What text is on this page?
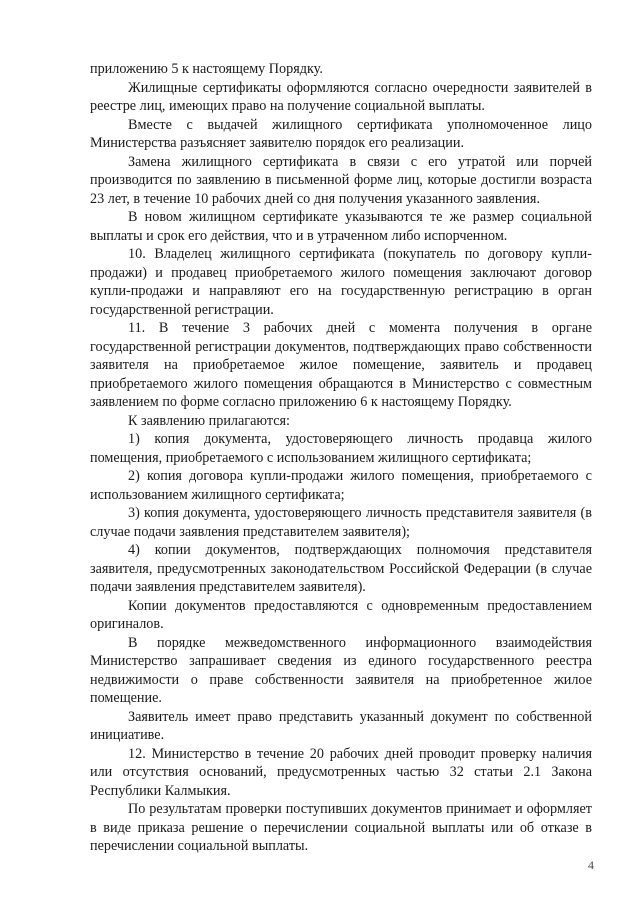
приложению 5 к настоящему Порядку.

Жилищные сертификаты оформляются согласно очередности заявителей в реестре лиц, имеющих право на получение социальной выплаты.

Вместе с выдачей жилищного сертификата уполномоченное лицо Министерства разъясняет заявителю порядок его реализации.

Замена жилищного сертификата в связи с его утратой или порчей производится по заявлению в письменной форме лиц, которые достигли возраста 23 лет, в течение 10 рабочих дней со дня получения указанного заявления.

В новом жилищном сертификате указываются те же размер социальной выплаты и срок его действия, что и в утраченном либо испорченном.

10. Владелец жилищного сертификата (покупатель по договору купли-продажи) и продавец приобретаемого жилого помещения заключают договор купли-продажи и направляют его на государственную регистрацию в орган государственной регистрации.

11. В течение 3 рабочих дней с момента получения в органе государственной регистрации документов, подтверждающих право собственности заявителя на приобретаемое жилое помещение, заявитель и продавец приобретаемого жилого помещения обращаются в Министерство с совместным заявлением по форме согласно приложению 6 к настоящему Порядку.

К заявлению прилагаются:

1) копия документа, удостоверяющего личность продавца жилого помещения, приобретаемого с использованием жилищного сертификата;

2) копия договора купли-продажи жилого помещения, приобретаемого с использованием жилищного сертификата;

3) копия документа, удостоверяющего личность представителя заявителя (в случае подачи заявления представителем заявителя);

4) копии документов, подтверждающих полномочия представителя заявителя, предусмотренных законодательством Российской Федерации (в случае подачи заявления представителем заявителя).

Копии документов предоставляются с одновременным предоставлением оригиналов.

В порядке межведомственного информационного взаимодействия Министерство запрашивает сведения из единого государственного реестра недвижимости о праве собственности заявителя на приобретенное жилое помещение.

Заявитель имеет право представить указанный документ по собственной инициативе.

12. Министерство в течение 20 рабочих дней проводит проверку наличия или отсутствия оснований, предусмотренных частью 32 статьи 2.1 Закона Республики Калмыкия.

По результатам проверки поступивших документов принимает и оформляет в виде приказа решение о перечислении социальной выплаты или об отказе в перечислении социальной выплаты.

4
